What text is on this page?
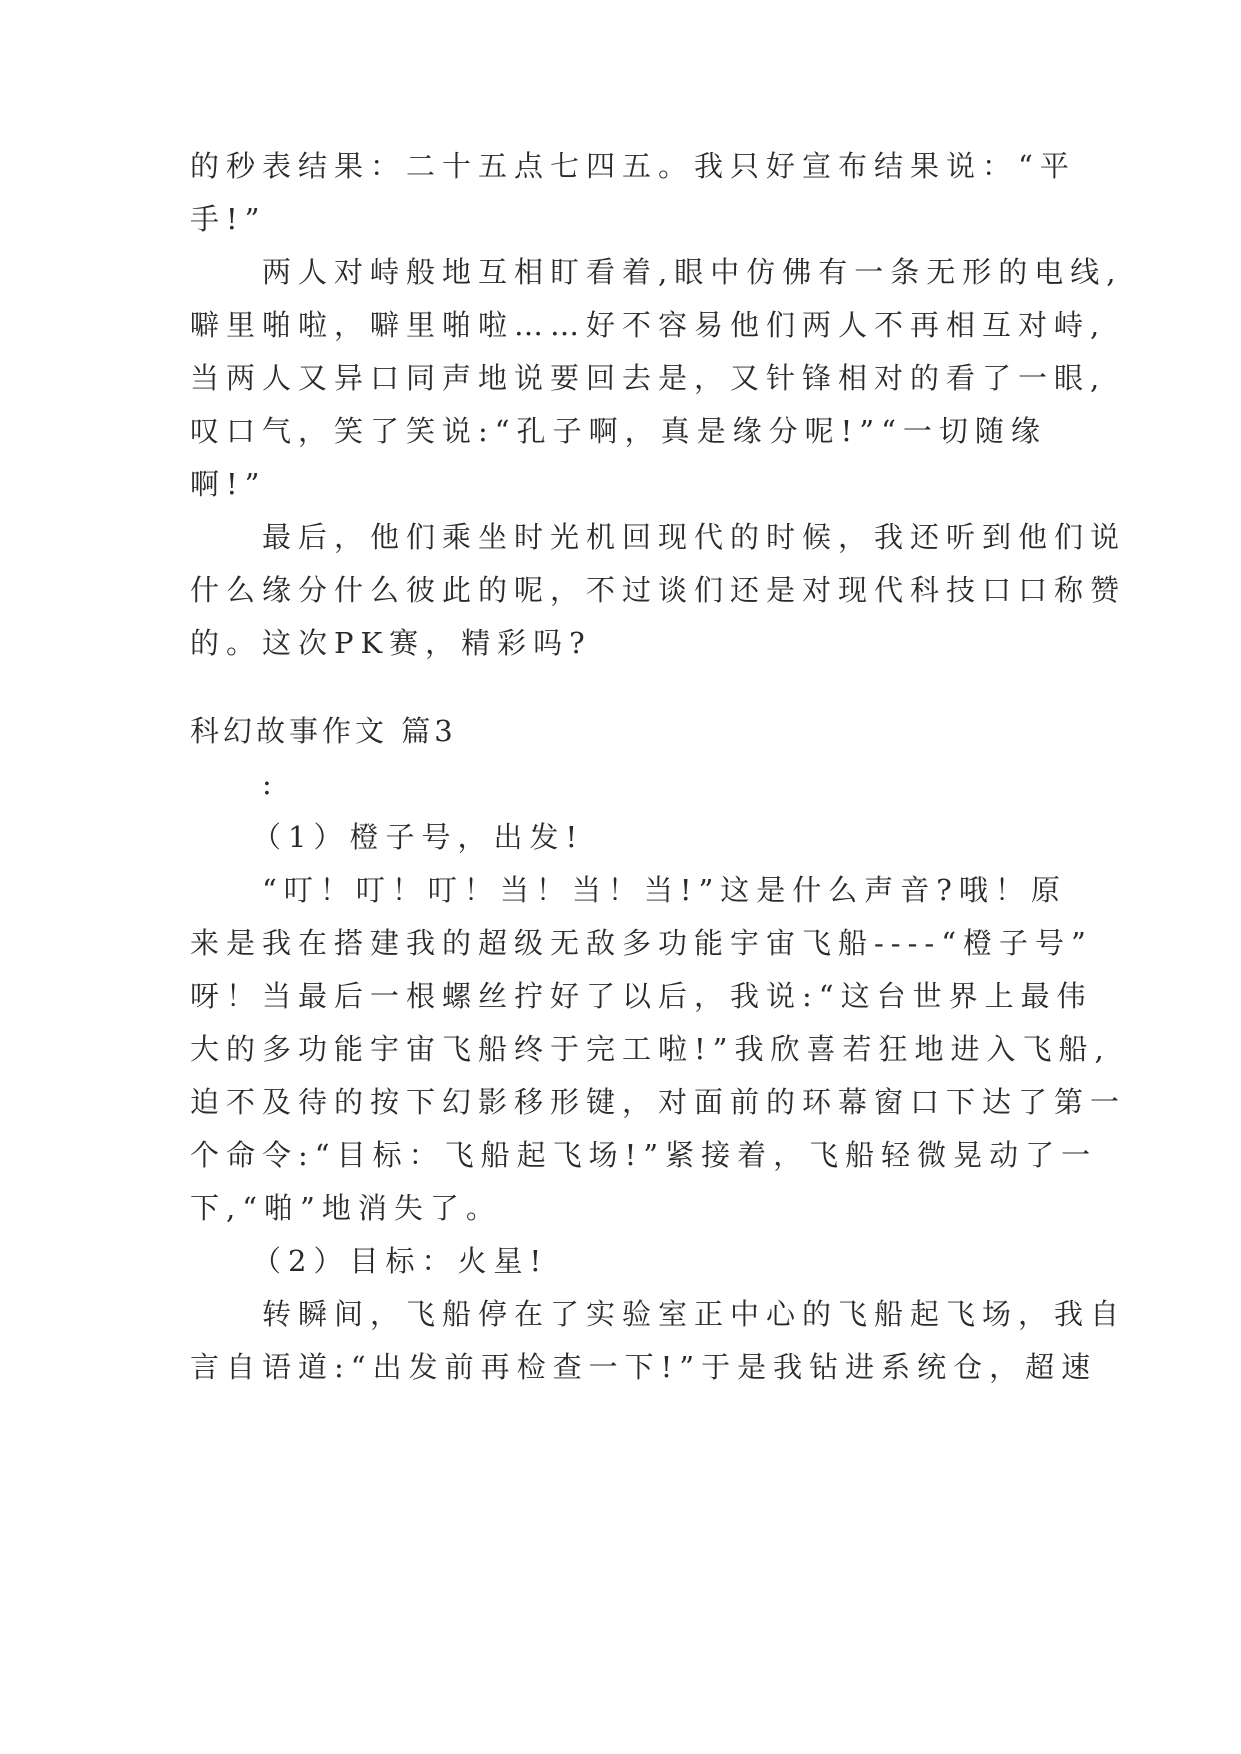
的秒表结果：二十五点七四五。我只好宣布结果说：“平
手!”
两人对峙般地互相盯看着,眼中仿佛有一条无形的电线,
噼里啪啦，噼里啪啦……好不容易他们两人不再相互对峙,
当两人又异口同声地说要回去是，又针锋相对的看了一眼,
叹口气，笑了笑说:“孔子啊，真是缘分呢!”“一切随缘
啊!”
最后，他们乘坐时光机回现代的时候，我还听到他们说
什么缘分什么彼此的呢，不过谈们还是对现代科技口口称赞
的。这次PK赛，精彩吗?
科幻故事作文 篇3
:
（1）橙子号，出发!
“叮！叮！叮！当！当！当!”这是什么声音?哦！原
来是我在搭建我的超级无敌多功能宇宙飞船----“橙子号”
呀！当最后一根螺丝拧好了以后，我说:“这台世界上最伟
大的多功能宇宙飞船终于完工啦!”我欣喜若狂地进入飞船,
迫不及待的按下幻影移形键，对面前的环幕窗口下达了第一
个命令:“目标：飞船起飞场!”紧接着，飞船轻微晃动了一
下,“啪”地消失了。
（2）目标：火星!
转瞬间，飞船停在了实验室正中心的飞船起飞场，我自
言自语道:“出发前再检查一下!”于是我钻进系统仓，超速
